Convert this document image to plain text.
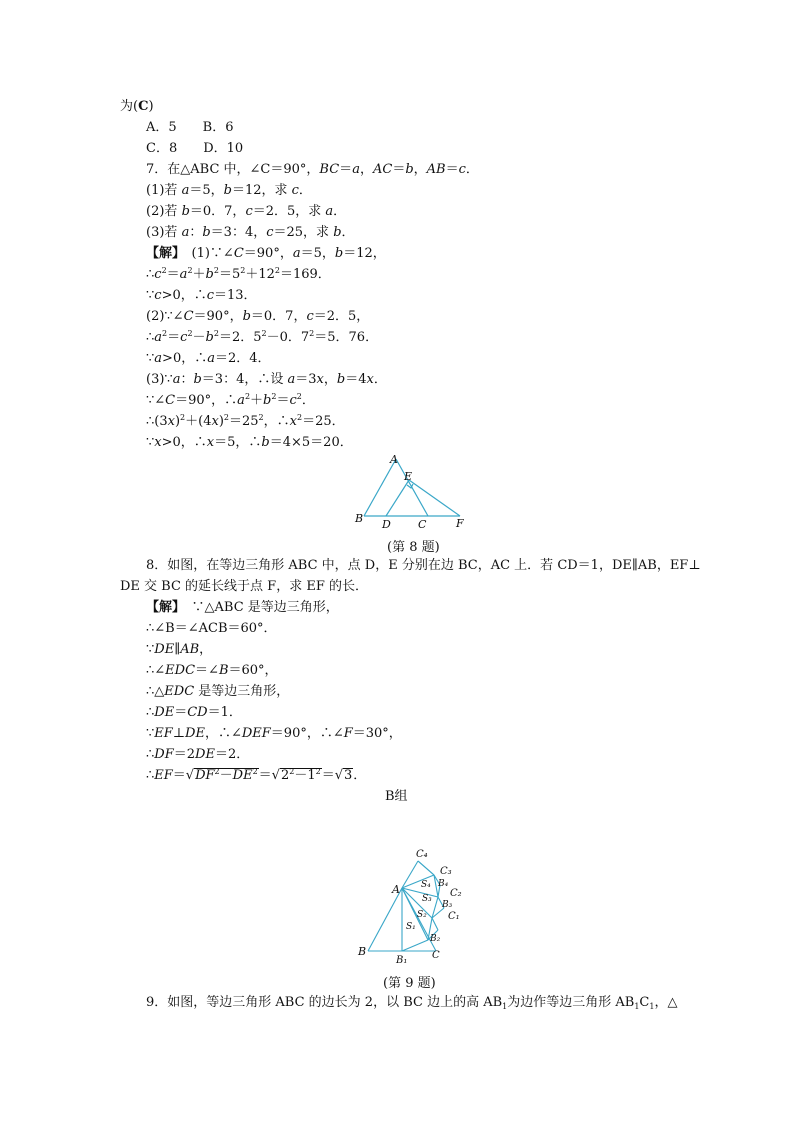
为(C)
A．5　　B．6
C．8　　D．10
7．在△ABC 中，∠C＝90°，BC＝a，AC＝b，AB＝c．
(1)若 a＝5，b＝12，求 c．
(2)若 b＝0．7，c＝2．5，求 a．
(3)若 a：b＝3：4，c＝25，求 b．
【解】　(1)∵∠C＝90°，a＝5，b＝12，
$\therefore c^2=a^2+b^2=5^2+12^2=169$．
∵c>0，∴c＝13．
(2)∵∠C＝90°，b＝0．7，c＝2．5，
$\therefore a^2=c^2-b^2=2$．$5^2-0$．$7^2=5$．76．
∵a>0，∴a＝2．4．
(3)∵a：b＝3：4，∴设 a＝3x，b＝4x．
∵∠C＝90°，$\therefore a^2+b^2=c^2$．
$\therefore(3x)^2+(4x)^2=25^2$，$\therefore x^2=25$．
∵x>0，∴x＝5，∴b＝4×5＝20．
A
E
B D C	F
(第 8 题)
8．如图，在等边三角形 ABC 中，点 D，E 分别在边 BC，AC 上．若 CD＝1，DE∥AB，EF⊥
DE 交 BC 的延长线于点 F，求 EF 的长．
【解】　∵△ABC 是等边三角形，
∴∠B＝∠ACB＝60°．
∵DE∥AB，
∴∠EDC＝∠B＝60°，
∴△EDC 是等边三角形，
∴DE＝CD＝1．
∵EF⊥DE，∴∠DEF＝90°，∴∠F＝30°，
∴DF＝2DE＝2．
$\therefore EF=√DF^2-DE^2=√2^2-1^2=√3$．
B组
C₄
C₃
B₄
S₄
C₂
A
S₃
B₃
S₂ C₁
S₁
B₂
B
B₁ C
(第 9 题)
9．如图，等边三角形 ABC 的边长为 2，以 BC 边上的高 $AB_1$为边作等边三角形 $AB_1C_1$，△
